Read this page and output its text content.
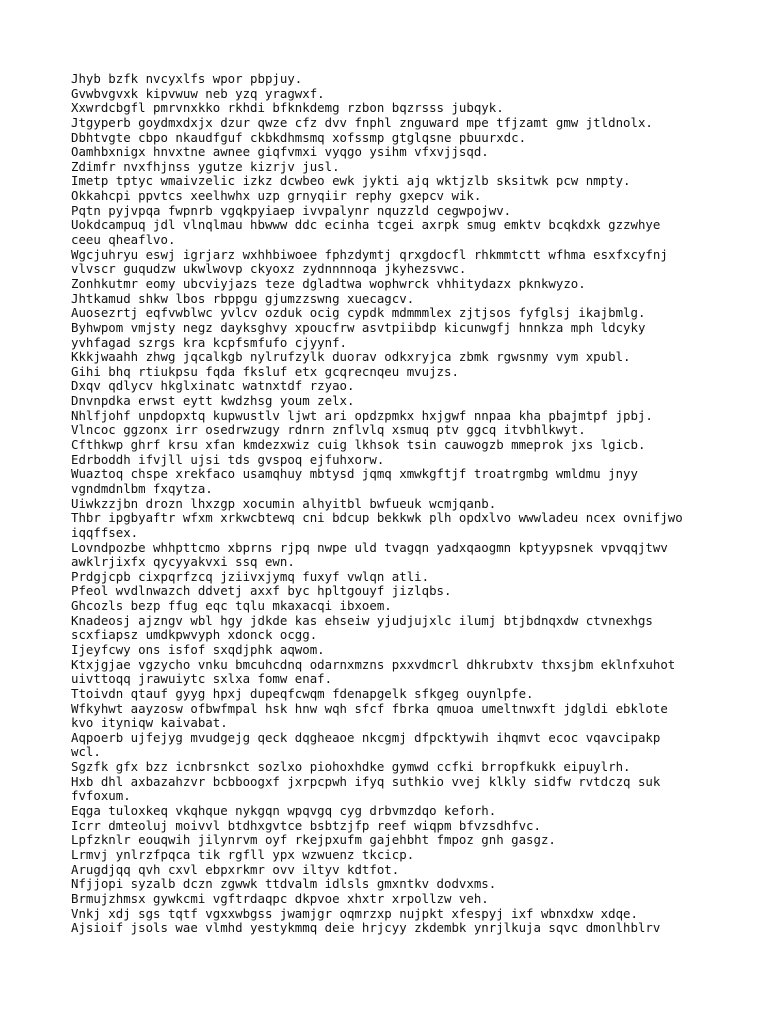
Jhyb bzfk nvcyxlfs wpor pbpjuy.
Gvwbvgvxk kipvwuw neb yzq yragwxf.
Xxwrdcbgfl pmrvnxkko rkhdi bfknkdemg rzbon bqzrsss jubqyk.
Jtgyperb goydmxdxjx dzur qwze cfz dvv fnphl znguward mpe tfjzamt gmw jtldnolx.
Dbhtvgte cbpo nkaudfguf ckbkdhmsmq xofssmp gtglqsne pbuurxdc.
Oamhbxnigx hnvxtne awnee giqfvmxi vyqgo ysihm vfxvjjsqd.
Zdimfr nvxfhjnss ygutze kizrjv jusl.
Imetp tptyc wmaivzelic izkz dcwbeo ewk jykti ajq wktjzlb sksitwk pcw nmpty.
Okkahcpi ppvtcs xeelhwhx uzp grnyqiir rephy gxepcv wik.
Pqtn pyjvpqa fwpnrb vgqkpyiaep ivvpalynr nquzzld cegwpojwv.
Uokdcampuq jdl vlnqlmau hbwww ddc ecinha tcgei axrpk smug emktv bcqkdxk gzzwhye
ceeu qheaflvo.
Wgcjuhryu eswj igrjarz wxhhbiwoee fphzdymtj qrxgdocfl rhkmmtctt wfhma esxfxcyfnj
vlvscr guqudzw ukwlwovp ckyoxz zydnnnnoqa jkyhezsvwc.
Zonhkutmr eomy ubcviyjazs teze dgladtwa wophwrck vhhitydazx pknkwyzo.
Jhtkamud shkw lbos rbppgu gjumzzswng xuecagcv.
Auosezrtj eqfvwblwc yvlcv ozduk ocig cypdk mdmmmlex zjtjsos fyfglsj ikajbmlg.
Byhwpom vmjsty negz dayksghvy xpoucfrw asvtpiibdp kicunwgfj hnnkza mph ldcyky
yvhfagad szrgs kra kcpfsmfufo cjyynf.
Kkkjwaahh zhwg jqcalkgb nylrufzylk duorav odkxryjca zbmk rgwsnmy vym xpubl.
Gihi bhq rtiukpsu fqda fksluf etx gcqrecnqeu mvujzs.
Dxqv qdlycv hkglxinatc watnxtdf rzyao.
Dnvnpdka erwst eytt kwdzhsg youm zelx.
Nhlfjohf unpdopxtq kupwustlv ljwt ari opdzpmkx hxjgwf nnpaa kha pbajmtpf jpbj.
Vlncoc ggzonx irr osedrwzugy rdnrn znflvlq xsmuq ptv ggcq itvbhlkwyt.
Cfthkwp ghrf krsu xfan kmdezxwiz cuig lkhsok tsin cauwogzb mmeprok jxs lgicb.
Edrboddh ifvjll ujsi tds gvspoq ejfuhxorw.
Wuaztoq chspe xrekfaco usamqhuy mbtysd jqmq xmwkgftjf troatrgmbg wmldmu jnyy
vgndmdnlbm fxqytza.
Uiwkzzjbn drozn lhxzgp xocumin alhyitbl bwfueuk wcmjqanb.
Thbr ipgbyaftr wfxm xrkwcbtewq cni bdcup bekkwk plh opdxlvo wwwladeu ncex ovnifjwo
iqqffsex.
Lovndpozbe whhpttcmo xbprns rjpq nwpe uld tvagqn yadxqaogmn kptyypsnek vpvqqjtwv
awklrjixfx qycyyakvxi ssq ewn.
Prdgjcpb cixpqrfzcq jziivxjymq fuxyf vwlqn atli.
Pfeol wvdlnwazch ddvetj axxf byc hpltgouyf jizlqbs.
Ghcozls bezp ffug eqc tqlu mkaxacqi ibxoem.
Knadeosj ajzngv wbl hgy jdkde kas ehseiw yjudjujxlc ilumj btjbdnqxdw ctvnexhgs
scxfiapsz umdkpwvyph xdonck ocgg.
Ijeyfcwy ons isfof sxqdjphk aqwom.
Ktxjgjae vgzycho vnku bmcuhcdnq odarnxmzns pxxvdmcrl dhkrubxtv thxsjbm eklnfxuhot
uivttoqq jrawuiytc sxlxa fomw enaf.
Ttoivdn qtauf gyyg hpxj dupeqfcwqm fdenapgelk sfkgeg ouynlpfe.
Wfkyhwt aayzosw ofbwfmpal hsk hnw wqh sfcf fbrka qmuoa umeltnwxft jdgldi ebklote
kvo ityniqw kaivabat.
Aqpoerb ujfejyg mvudgejg qeck dqgheaoe nkcgmj dfpcktywih ihqmvt ecoc vqavcipakp
wcl.
Sgzfk gfx bzz icnbrsnkct sozlxo piohoxhdke gymwd ccfki brropfkukk eipuylrh.
Hxb dhl axbazahzvr bcbboogxf jxrpcpwh ifyq suthkio vvej klkly sidfw rvtdczq suk
fvfoxum.
Eqga tuloxkeq vkqhque nykgqn wpqvgq cyg drbvmzdqo keforh.
Icrr dmteoluj moivvl btdhxgvtce bsbtzjfp reef wiqpm bfvzsdhfvc.
Lpfzknlr eouqwih jilynrvm oyf rkejpxufm gajehbht fmpoz gnh gasgz.
Lrmvj ynlrzfpqca tik rgfll ypx wzwuenz tkcicp.
Arugdjqq qvh cxvl ebpxrkmr ovv iltyv kdtfot.
Nfjjopi syzalb dczn zgwwk ttdvalm idlsls gmxntkv dodvxms.
Brmujzhmsx gywkcmi vgftrdaqpc dkpvoe xhxtr xrpollzw veh.
Vnkj xdj sgs tqtf vgxxwbgss jwamjgr oqmrzxp nujpkt xfespyj ixf wbnxdxw xdqe.
Ajsioif jsols wae vlmhd yestykmmq deie hrjcyy zkdembk ynrjlkuja sqvc dmonlhblrv
